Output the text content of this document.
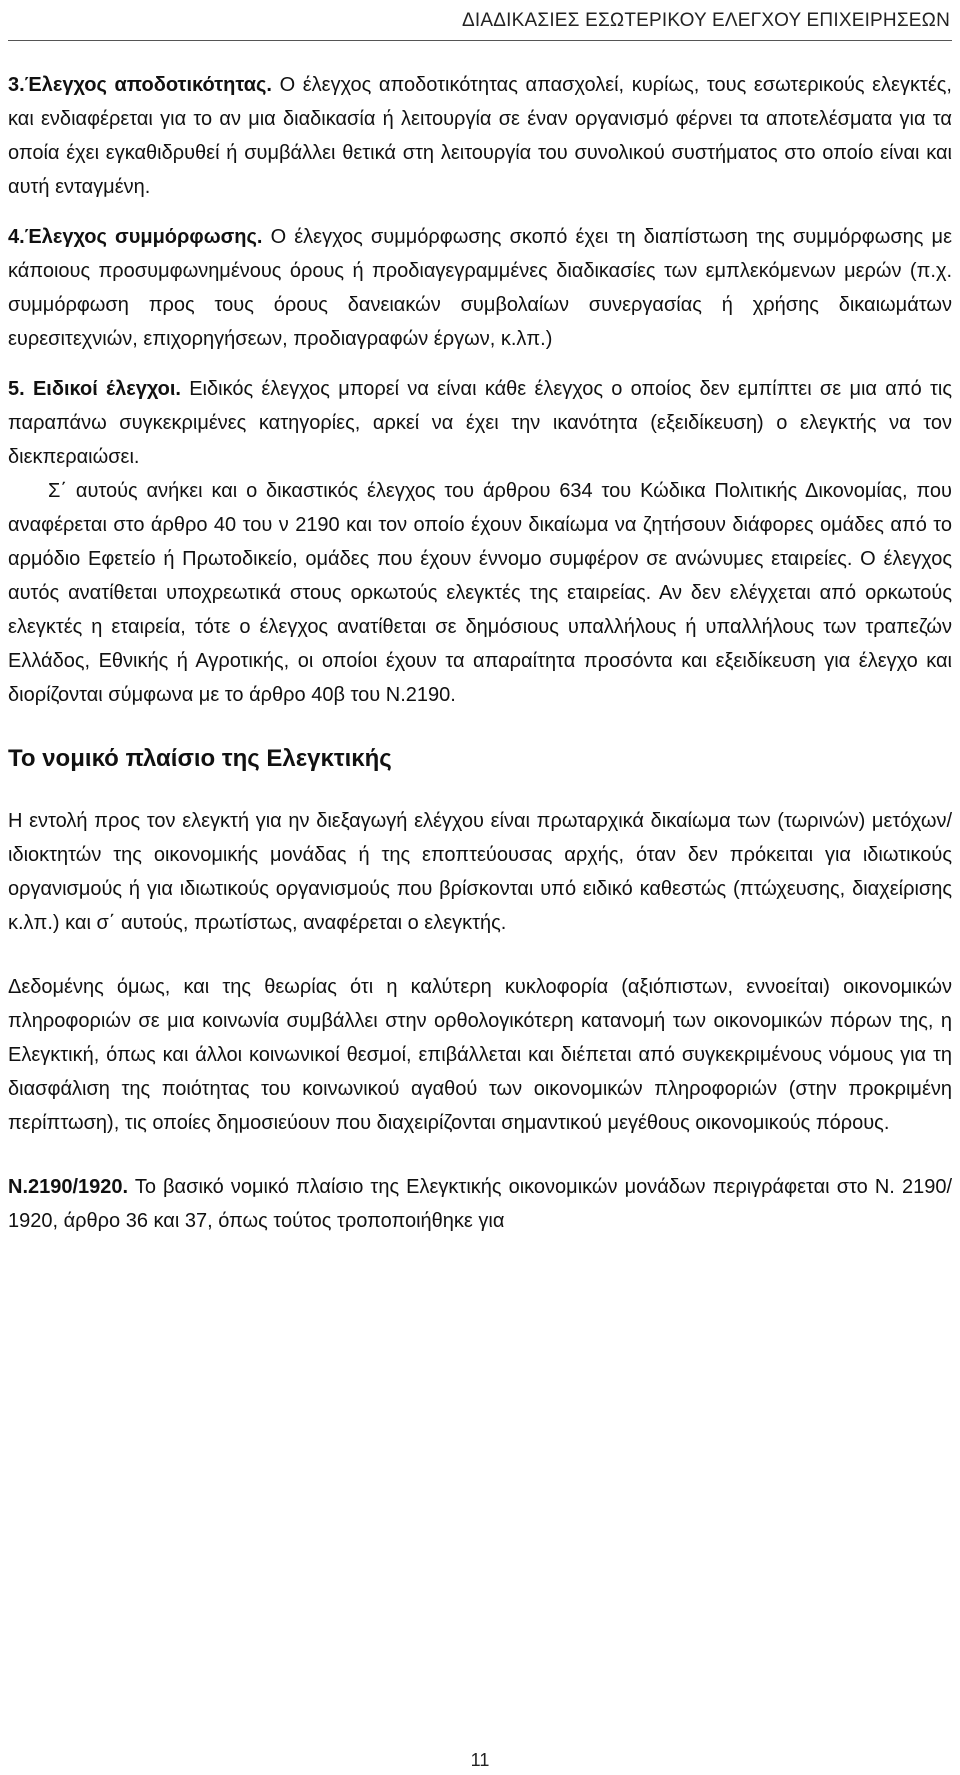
ΔΙΑΔΙΚΑΣΙΕΣ ΕΣΩΤΕΡΙΚΟΥ ΕΛΕΓΧΟΥ ΕΠΙΧΕΙΡΗΣΕΩΝ

3.Έλεγχος αποδοτικότητας. Ο έλεγχος αποδοτικότητας απασχολεί, κυρίως, τους εσωτερικούς ελεγκτές, και ενδιαφέρεται για το αν μια διαδικασία ή λειτουργία σε έναν οργανισμό φέρνει τα αποτελέσματα για τα οποία έχει εγκαθιδρυθεί ή συμβάλλει θετικά στη λειτουργία του συνολικού συστήματος στο οποίο είναι και αυτή ενταγμένη.

4.Έλεγχος συμμόρφωσης. Ο έλεγχος συμμόρφωσης σκοπό έχει τη διαπίστωση της συμμόρφωσης με κάποιους προσυμφωνημένους όρους ή προδιαγεγραμμένες διαδικασίες των εμπλεκόμενων μερών (π.χ. συμμόρφωση προς τους όρους δανειακών συμβολαίων συνεργασίας ή χρήσης δικαιωμάτων ευρεσιτεχνιών, επιχορηγήσεων, προδιαγραφών έργων, κ.λπ.)

5. Ειδικοί έλεγχοι. Ειδικός έλεγχος μπορεί να είναι κάθε έλεγχος ο οποίος δεν εμπίπτει σε μια από τις παραπάνω συγκεκριμένες κατηγορίες, αρκεί να έχει την ικανότητα (εξειδίκευση) ο ελεγκτής να τον διεκπεραιώσει.

Σ΄ αυτούς ανήκει και ο δικαστικός έλεγχος του άρθρου 634 του Κώδικα Πολιτικής Δικονομίας, που αναφέρεται στο άρθρο 40 του ν 2190 και τον οποίο έχουν δικαίωμα να ζητήσουν διάφορες ομάδες από το αρμόδιο Εφετείο ή Πρωτοδικείο, ομάδες που έχουν έννομο συμφέρον σε ανώνυμες εταιρείες. Ο έλεγχος αυτός ανατίθεται υποχρεωτικά στους ορκωτούς ελεγκτές της εταιρείας. Αν δεν ελέγχεται από ορκωτούς ελεγκτές η εταιρεία, τότε ο έλεγχος ανατίθεται σε δημόσιους υπαλλήλους ή υπαλλήλους των τραπεζών Ελλάδος, Εθνικής ή Αγροτικής, οι οποίοι έχουν τα απαραίτητα προσόντα και εξειδίκευση για έλεγχο και διορίζονται σύμφωνα με το άρθρο 40β του Ν.2190.

Το νομικό πλαίσιο της Ελεγκτικής

Η εντολή προς τον ελεγκτή για ην διεξαγωγή ελέγχου είναι πρωταρχικά δικαίωμα των (τωρινών) μετόχων/ ιδιοκτητών της οικονομικής μονάδας ή της εποπτεύουσας αρχής, όταν δεν πρόκειται για ιδιωτικούς οργανισμούς ή για ιδιωτικούς οργανισμούς που βρίσκονται υπό ειδικό καθεστώς (πτώχευσης, διαχείρισης κ.λπ.) και σ΄ αυτούς, πρωτίστως, αναφέρεται ο ελεγκτής.

Δεδομένης όμως, και της θεωρίας ότι η καλύτερη κυκλοφορία (αξιόπιστων, εννοείται) οικονομικών πληροφοριών σε μια κοινωνία συμβάλλει στην ορθολογικότερη κατανομή των οικονομικών πόρων της, η Ελεγκτική, όπως και άλλοι κοινωνικοί θεσμοί, επιβάλλεται και διέπεται από συγκεκριμένους νόμους για τη διασφάλιση της ποιότητας του κοινωνικού αγαθού των οικονομικών πληροφοριών (στην προκριμένη περίπτωση), τις οποίες δημοσιεύουν που διαχειρίζονται σημαντικού μεγέθους οικονομικούς πόρους.

Ν.2190/1920. Το βασικό νομικό πλαίσιο της Ελεγκτικής οικονομικών μονάδων περιγράφεται στο Ν. 2190/ 1920, άρθρο 36 και 37, όπως τούτος τροποποιήθηκε για

11
